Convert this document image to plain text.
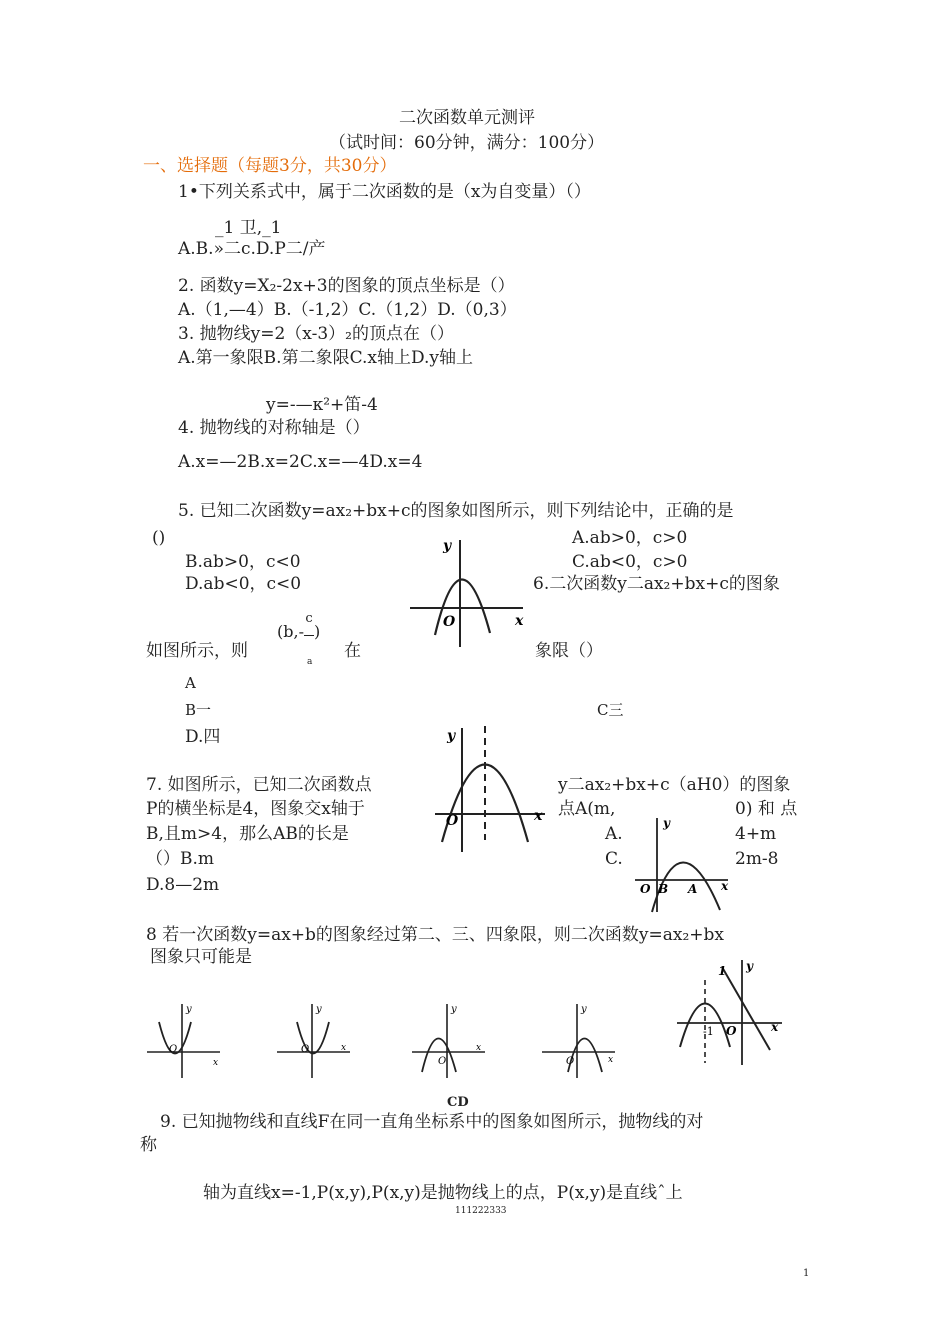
二次函数单元测评
（试时间：60分钟，满分：100分）
一、选择题（每题3分，共30分）
1•下列关系式中，属于二次函数的是（x为自变量）（）
_1 卫,_1
A.B.»二c.D.P二/产
2. 函数y=X₂-2x+3的图象的顶点坐标是（）
A.（1,—4）B.（-1,2）C.（1,2）D.（0,3）
3. 抛物线y=2（x-3）₂的顶点在（）
A.第一象限B.第二象限C.x轴上D.y轴上
y=-—к²+笛-4
4. 抛物线的对称轴是（）
A.x=—2B.x=2C.x=—4D.x=4
5. 已知二次函数y=ax₂+bx+c的图象如图所示，则下列结论中，正确的是
()	A.ab>0，c>0
B.ab>0，c<0	C.ab<0，c>0
D.ab<0，c<0
y
O	x
6.二次函数y二ax₂+bx+c的图象
如图所示，则
(b,-c
)
a
在	象限（）
A
B一	C三
D.四	y
O	x
7. 如图所示，已知二次函数点	y二ax₂+bx+c（aH0）的图象
P的横坐标是4，图象交x轴于	点A(m,	0) 和 点
B,且m>4，那么AB的长是	A.	4+m
（）B.m	C.	2m-8
D.8—2m
y
O B A x
8 若一次函数y=ax+b的图象经过第二、三、四象限，则二次函数y=ax₂+bx
图象只可能是
y
O
x
y
O	x
y
O
x
y
O	x
1 y
-1 O	x
CD
9. 已知抛物线和直线F在同一直角坐标系中的图象如图所示，抛物线的对
称
轴为直线x=-1,P(x,y),P(x,y)是抛物线上的点，P(x,y)是直线ˆ上
111222333
1
